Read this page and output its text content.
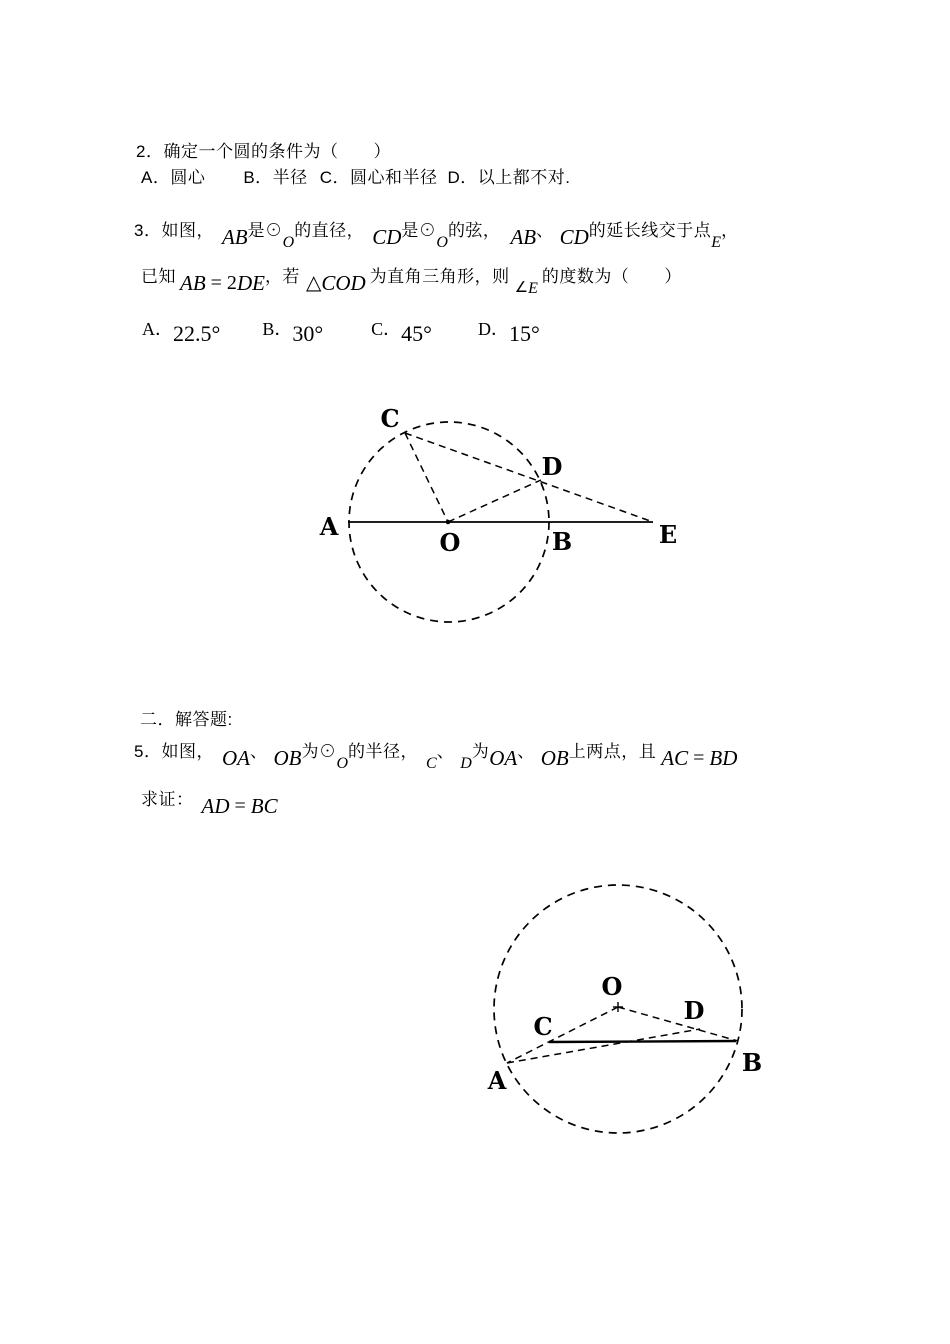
2．确定一个圆的条件为（　　）
A．圆心 B．半径 C．圆心和半径 D．以上都不对.
3．如图， AB 是⊙
O
的直径， CD 是⊙
O
的弦， AB 、 CD 的延长线交于点
E
，
已知 AB = 2 DE ，若 △ COD 为直角三角形，则
∠ E
的度数为（　　）
A． 22.5° B． 30°	C． 45°	D． 15°
二．解答题:
5．如图， OA 、 OB 为⊙
O
的半径，
C
、
D
为 OA 、 OB 上两点，且 AC = BD
求证： AD = BC
C
D
A
O	B	E
O
C
D
A
B
